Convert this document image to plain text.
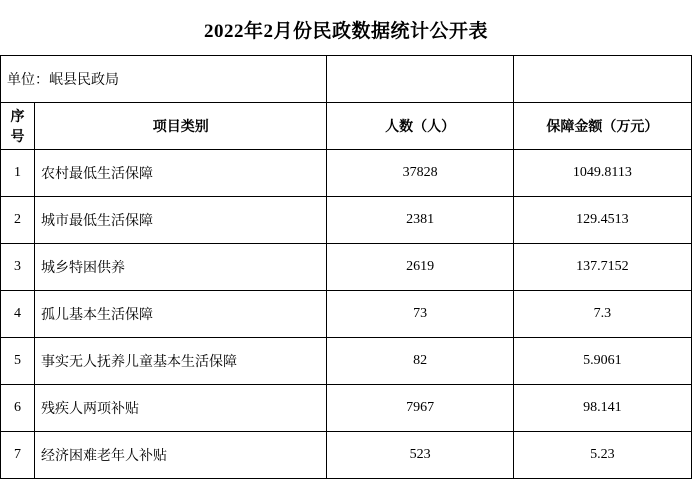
2022年2月份民政数据统计公开表
单位：岷县民政局			
序号	项目类别	人数（人）	保障金额（万元）
1	农村最低生活保障	37828	1049.8113
2	城市最低生活保障	2381	129.4513
3	城乡特困供养	2619	137.7152
4	孤儿基本生活保障	73	7.3
5	事实无人抚养儿童基本生活保障	82	5.9061
6	残疾人两项补贴	7967	98.141
7	经济困难老年人补贴	523	5.23
